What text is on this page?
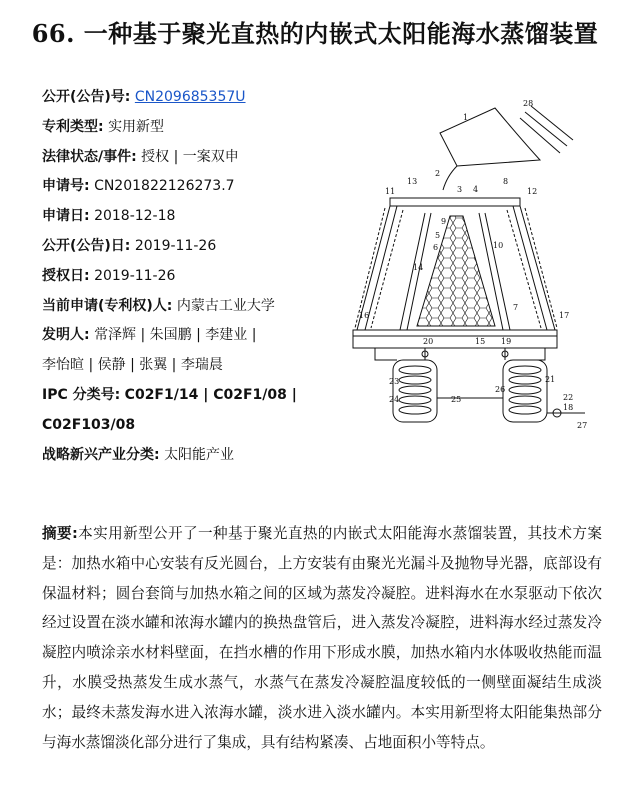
66. 一种基于聚光直热的内嵌式太阳能海水蒸馏装置
公开(公告)号: CN209685357U
专利类型: 实用新型
法律状态/事件: 授权 | 一案双申
申请号: CN201822126273.7
申请日: 2018-12-18
公开(公告)日: 2019-11-26
授权日: 2019-11-26
当前申请(专利权)人: 内蒙古工业大学
发明人: 常泽辉 | 朱国鹏 | 李建业 |
李怡暄 | 侯静 | 张翼 | 李瑞晨
IPC 分类号: C02F1/14 | C02F1/08 |
C02F103/08
战略新兴产业分类: 太阳能产业
28
1
2
3 4
13
11
8
12
9
5
10
6
14
7
16	17
20	15 19
23
24	25
26
21
22
18
27
摘要:本实用新型公开了一种基于聚光直热的内嵌式太阳能海水蒸馏装置，其技术方案是：加热水箱中心安装有反光圆台，上方安装有由聚光光漏斗及抛物导光器，底部设有保温材料；圆台套筒与加热水箱之间的区域为蒸发冷凝腔。进料海水在水泵驱动下依次经过设置在淡水罐和浓海水罐内的换热盘管后，进入蒸发冷凝腔，进料海水经过蒸发冷凝腔内喷涂亲水材料壁面，在挡水槽的作用下形成水膜，加热水箱内水体吸收热能而温升，水膜受热蒸发生成水蒸气，水蒸气在蒸发冷凝腔温度较低的一侧壁面凝结生成淡水；最终未蒸发海水进入浓海水罐，淡水进入淡水罐内。本实用新型将太阳能集热部分与海水蒸馏淡化部分进行了集成，具有结构紧凑、占地面积小等特点。
